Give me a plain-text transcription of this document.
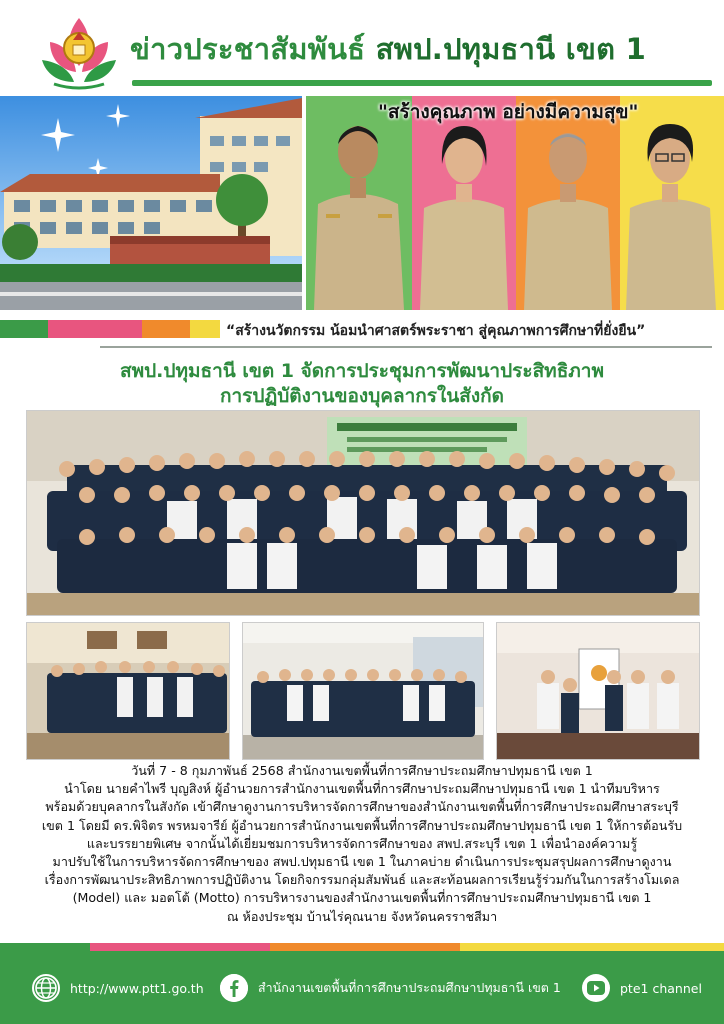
ข่าวประชาสัมพันธ์ สพป.ปทุมธานี เขต 1
"สร้างคุณภาพ อย่างมีความสุข"
“สร้างนวัตกรรม น้อมนำศาสตร์พระราชา สู่คุณภาพการศึกษาที่ยั่งยืน”
สพป.ปทุมธานี เขต 1 จัดการประชุมการพัฒนาประสิทธิภาพ
การปฏิบัติงานของบุคลากรในสังกัด
วันที่ 7 - 8 กุมภาพันธ์ 2568 สำนักงานเขตพื้นที่การศึกษาประถมศึกษาปทุมธานี เขต 1
นำโดย นายคำไพรี บุญสิงห์ ผู้อำนวยการสำนักงานเขตพื้นที่การศึกษาประถมศึกษาปทุมธานี เขต 1 นำทีมบริหาร
พร้อมด้วยบุคลากรในสังกัด เข้าศึกษาดูงานการบริหารจัดการศึกษาของสำนักงานเขตพื้นที่การศึกษาประถมศึกษาสระบุรี
เขต 1 โดยมี ดร.พิจิตร พรหมจารีย์ ผู้อำนวยการสำนักงานเขตพื้นที่การศึกษาประถมศึกษาปทุมธานี เขต 1 ให้การต้อนรับ
และบรรยายพิเศษ จากนั้นได้เยี่ยมชมการบริหารจัดการศึกษาของ สพป.สระบุรี เขต 1 เพื่อนำองค์ความรู้
มาปรับใช้ในการบริหารจัดการศึกษาของ สพป.ปทุมธานี เขต 1 ในภาคบ่าย ดำเนินการประชุมสรุปผลการศึกษาดูงาน
เรื่องการพัฒนาประสิทธิภาพการปฏิบัติงาน โดยกิจกรรมกลุ่มสัมพันธ์ และสะท้อนผลการเรียนรู้ร่วมกันในการสร้างโมเดล
(Model) และ มอตโต้ (Motto) การบริหารงานของสำนักงานเขตพื้นที่การศึกษาประถมศึกษาปทุมธานี เขต 1
ณ ห้องประชุม บ้านไร่คุณนาย จังหวัดนครราชสีมา
http://www.ptt1.go.th	สำนักงานเขตพื้นที่การศึกษาประถมศึกษาปทุมธานี เขต 1	pte1 channel
